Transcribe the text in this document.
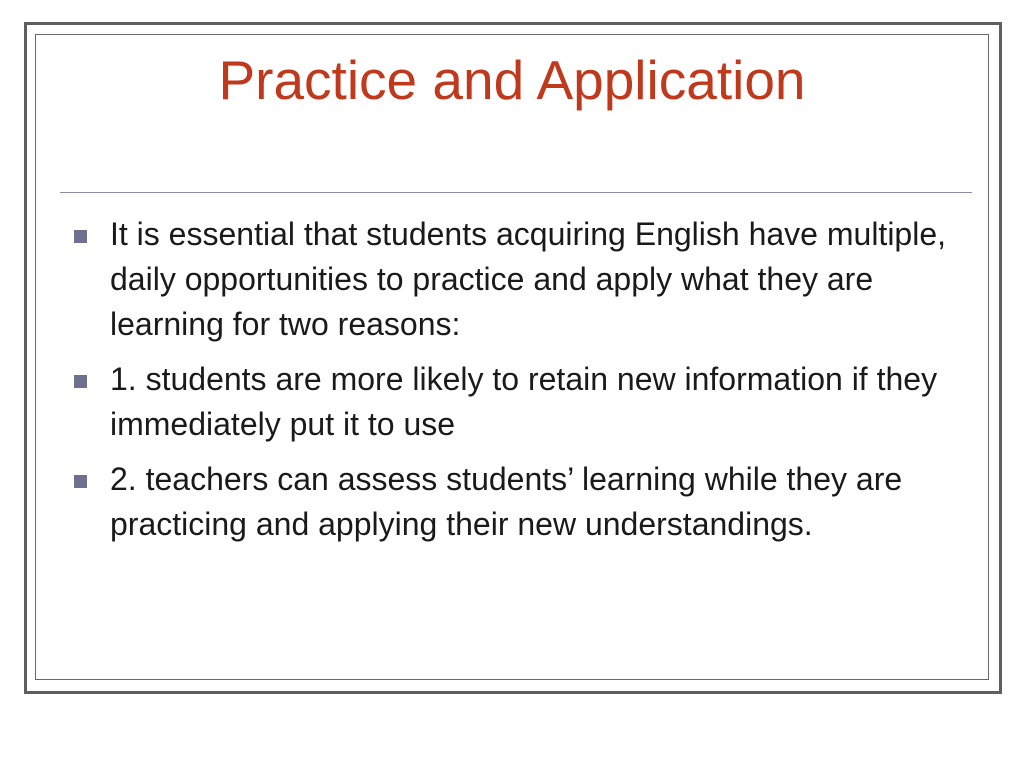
Practice and Application
It is essential that students acquiring English have multiple, daily opportunities to practice and apply what they are learning for two reasons:
1. students are more likely to retain new information if they immediately put it to use
2. teachers can assess students’ learning while they are practicing and applying their new understandings.
